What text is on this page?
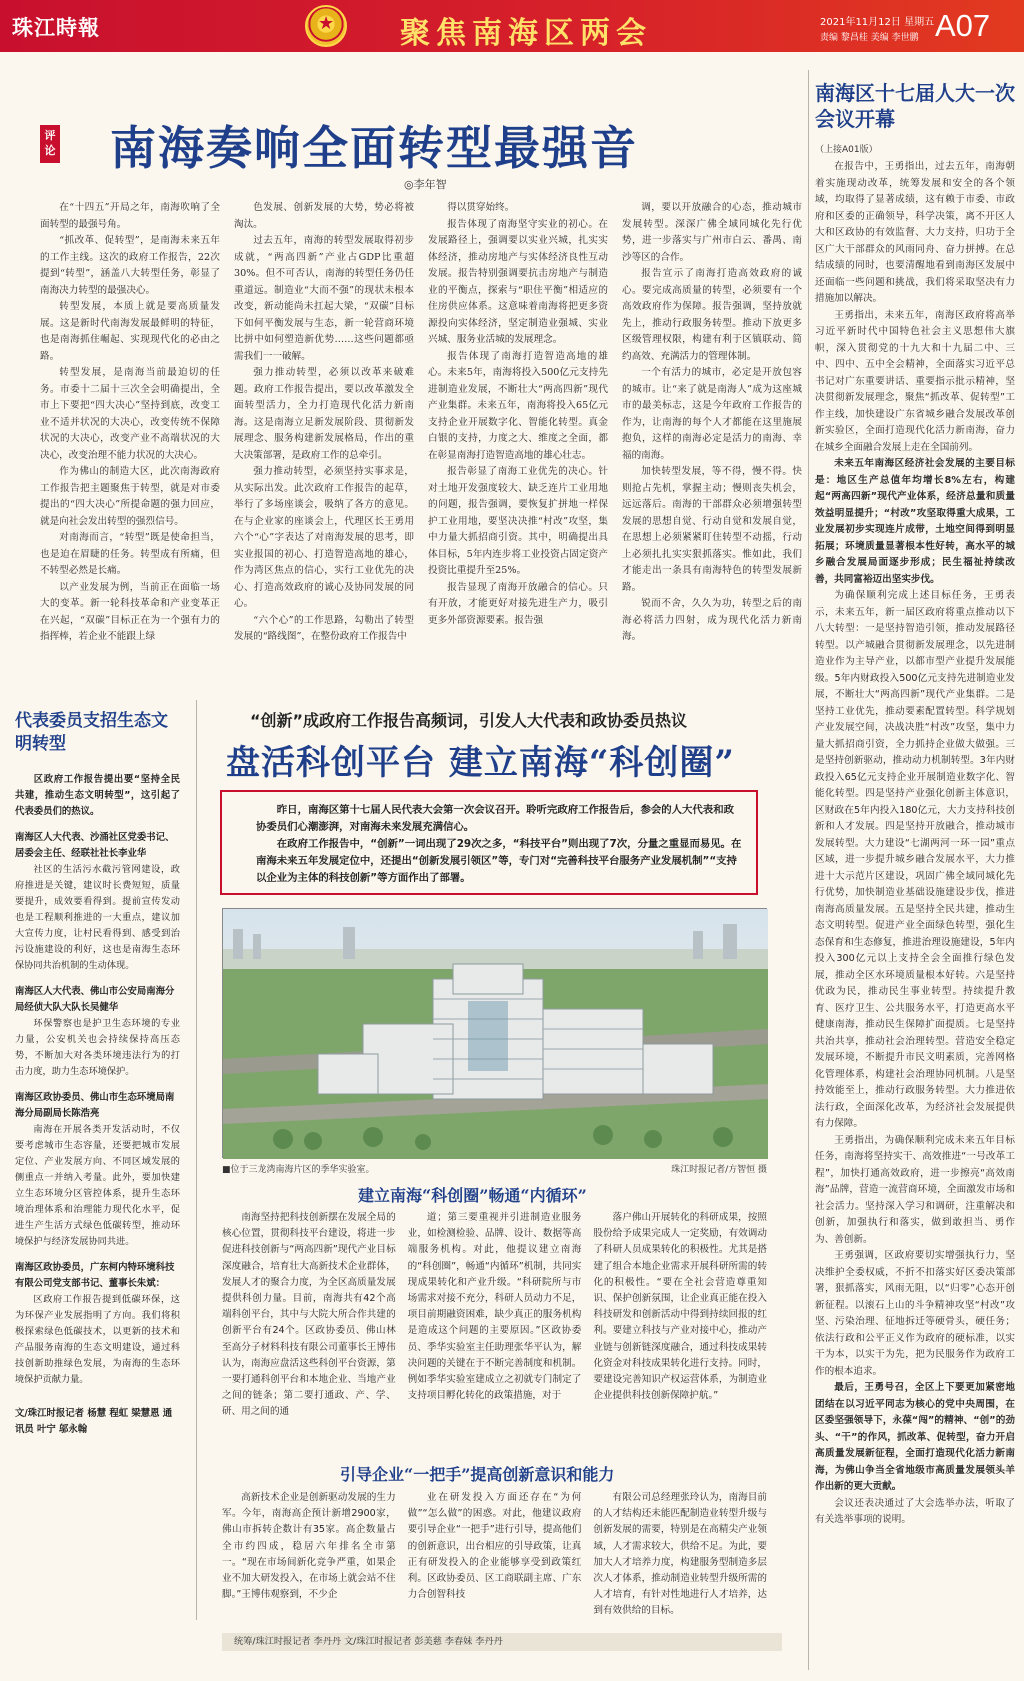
珠江時報
★	聚焦南海区两会	2021年11月12日 星期五
责编 黎昌桂 美编 李世鹏 A07
评论 南海奏响全面转型最强音
◎李年智

在“十四五”开局之年，南海吹响了全面转型的最强号角。

“抓改革、促转型”，是南海未来五年的工作主线。这次的政府工作报告，22次提到“转型”，涵盖八大转型任务，彰显了南海决力转型的最强决心。

转型发展，本质上就是要高质量发展。这是新时代南海发展最鲜明的特征，也是南海抓住崛起、实现现代化的必由之路。

转型发展，是南海当前最迫切的任务。市委十二届十三次全会明确提出，全市上下要把“四大决心”坚持到底，改变工业不适并状况的大决心，改变传统不保障状况的大决心，改变产业不高端状况的大决心，改变治理不能力状况的大决心。

作为佛山的制造大区，此次南海政府工作报告把主题聚焦于转型，就是对市委提出的“四大决心”所提命题的强力回应，就是向社会发出转型的强烈信号。

对南海而言，“转型”既是使命担当，也是迫在眉睫的任务。转型成有所痛，但不转型必然是长痛。

以产业发展为例，当前正在面临一场大的变革。新一轮科技革命和产业变革正在兴起，“双碳”目标正在为一个强有力的指挥棒，若企业不能跟上绿

色发展、创新发展的大势，势必将被淘汰。

过去五年，南海的转型发展取得初步成就，“两高四新”产业占GDP比重超30%。但不可否认，南海的转型任务仍任重道远。制造业“大而不强”的现状未根本改变，新动能尚未扛起大梁，“双碳”目标下如何平衡发展与生态，新一轮营商环境比拼中如何塑造新优势……这些问题都亟需我们一一破解。

强力推动转型，必须以改革来破难题。政府工作报告提出，要以改革激发全面转型活力，全力打造现代化活力新南海。这是南海立足新发展阶段、贯彻新发展理念、服务构建新发展格局，作出的重大决策部署，是政府工作的总牵引。

强力推动转型，必须坚持实事求是，从实际出发。此次政府工作报告的起草，举行了多场座谈会，吸纳了各方的意见。在与企业家的座谈会上，代理区长王勇用六个“心”字表达了对南海发展的思考，即实业报国的初心、打造智造高地的雄心，作为湾区焦点的信心，实行工业优先的决心、打造高效政府的诚心及协同发展的同心。

“六个心”的工作思路，勾勒出了转型发展的“路线图”，在整份政府工作报告中

得以贯穿始终。

报告体现了南海坚守实业的初心。在发展路径上，强调要以实业兴城，扎实实体经济，推动房地产与实体经济良性互动发展。报告特别强调要抗击房地产与制造业的平衡点，探索与“职住平衡”相适应的住房供应体系。这意味着南海将把更多资源投向实体经济，坚定制造业强城、实业兴城、服务业活城的发展理念。

报告体现了南海打造智造高地的雄心。未来5年，南海将投入500亿元支持先进制造业发展，不断壮大“两高四新”现代产业集群。未来五年，南海将投入65亿元支持企业开展数字化、智能化转型。真金白银的支持，力度之大、维度之全面，都在彰显南海打造智造高地的雄心壮志。

报告彰显了南海工业优先的决心。针对土地开发强度较大、缺乏连片工业用地的问题，报告强调，要恢复扩拼地一样保护工业用地，要坚决决推“村改”攻坚，集中力量大抓招商引资。其中，明确提出具体目标，5年内连步将工业投资占固定资产投资比重提升至25%。

报告显现了南海开放融合的信心。只有开放，才能更好对接先进生产力，吸引更多外部资源要素。报告强

调，要以开放融合的心态，推动城市发展转型。深深广佛全域同城化先行优势，进一步落实与广州市白云、番禺、南沙等区的合作。

报告宣示了南海打造高效政府的诚心。要完成高质量的转型，必须要有一个高效政府作为保障。报告强调，坚持放就先上，推动行政服务转型。推动下放更多区级管理权限，构建有利于区镇联动、简约高效、充满活力的管理体制。

一个有活力的城市，必定是开放包容的城市。让“来了就是南海人”成为这座城市的最美标志，这是今年政府工作报告的作为，让南海的每个人才都能在这里施展抱负，这样的南海必定是活力的南海、幸福的南海。

加快转型发展，等不得，慢不得。快则抢占先机，掌握主动；慢则丧失机会，远远落后。南海的干部群众必须增强转型发展的思想自觉、行动自觉和发展自觉，在思想上必须紧紧盯住转型不动摇，行动上必须扎扎实实狠抓落实。惟如此，我们才能走出一条具有南海特色的转型发展新路。

锐而不舍，久久为功，转型之后的南海必将活力四射，成为现代化活力新南海。

南海区十七届人大一次会议开幕
（上接A01版）

在报告中，王勇指出，过去五年，南海朝着实施现动改革，统筹发展和安全的各个领域，均取得了显著成绩，这有赖于市委、市政府和区委的正确领导，科学决策，离不开区人大和区政协的有效监督、大力支持，归功于全区广大干部群众的风雨同舟、奋力拼搏。在总结成绩的同时，也要清醒地看到南海区发展中还面临一些问题和挑战，我们将采取坚决有力措施加以解决。

王勇指出，未来五年，南海区政府将高举习近平新时代中国特色社会主义思想伟大旗帜，深入贯彻党的十九大和十九届二中、三中、四中、五中全会精神，全面落实习近平总书记对广东重要讲话、重要指示批示精神，坚决贯彻新发展理念，聚焦“抓改革、促转型”工作主线，加快建设广东省城乡融合发展改革创新实验区，全面打造现代化活力新南海，奋力在城乡全面融合发展上走在全国前列。

未来五年南海区经济社会发展的主要目标是：地区生产总值年均增长8%左右，构建起“两高四新”现代产业体系，经济总量和质量效益明显提升；“村改”攻坚取得重大成果，工业发展初步实现连片成带，土地空间得到明显拓展；环境质量显著根本性好转，高水平的城乡融合发展局面逐步形成；民生福祉持续改善，共同富裕迈出坚实步伐。

为确保顺利完成上述目标任务，王勇表示，未来五年，新一届区政府将重点推动以下八大转型：一是坚持智造引领，推动发展路径转型。以产城融合贯彻新发展理念，以先进制造业作为主导产业，以都市型产业提升发展能级。5年内财政投入500亿元支持先进制造业发展，不断壮大“两高四新”现代产业集群。二是坚持工业优先，推动要素配置转型。科学规划产业发展空间，决战决胜“村改”攻坚，集中力量大抓招商引资，全力抓持企业做大做强。三是坚持创新驱动，推动动力机制转型。3年内财政投入65亿元支持企业开展制造业数字化、智能化转型。四是坚持产业强化创新主体意识，区财政在5年内投入180亿元，大力支持科技创新和人才发展。四是坚持开放融合，推动城市发展转型。大力建设“七湖两河一环一园”重点区域，进一步提升城乡融合发展水平，大力推进十大示范片区建设，巩固广佛全域同城化先行优势，加快制造业基础设施建设步伐，推进南海高质量发展。五是坚持全民共建，推动生态文明转型。促进产业全面绿色转型，强化生态保育和生态修复，推进治理设施建设，5年内投入300亿元以上支持全会全面推行绿色发展，推动全区水环境质量根本好转。六是坚持优政为民，推动民生事业转型。持续提升教育、医疗卫生、公共服务水平，打造更高水平健康南海，推动民生保障扩面提质。七是坚持共治共享，推动社会治理转型。营造安全稳定发展环境，不断提升市民文明素质，完善网格化管理体系，构建社会治理协同机制。八是坚持效能至上，推动行政服务转型。大力推进依法行政，全面深化改革，为经济社会发展提供有力保障。

王勇指出，为确保顺利完成未来五年目标任务，南海将坚持实干、高效推进“一号改革工程”，加快打通高效政府，进一步擦亮“高效南海”品牌，营造一流营商环境，全面激发市场和社会活力。坚持深入学习和调研，注重解决和创新，加强执行和落实，做到敢担当、勇作为、善创新。

王勇强调，区政府要切实增强执行力，坚决维护全委权威，不折不扣落实好区委决策部署，狠抓落实，风雨无阻，以“归零”心态开创新征程。以滚石上山的斗争精神攻坚“村改”攻坚、污染治理、征地拆迁等硬骨头，硬任务；依法行政和公平正义作为政府的硬标准，以实干为本，以实干为先，把为民服务作为政府工作的根本追求。

最后，王勇号召，全区上下要更加紧密地团结在以习近平同志为核心的党中央周围，在区委坚强领导下，永葆“闯”的精神、“创”的劲头、“干”的作风，抓改革、促转型，奋力开启高质量发展新征程，全面打造现代化活力新南海，为佛山争当全省地级市高质量发展领头羊作出新的更大贡献。

会议还表决通过了大会选举办法，听取了有关选举事项的说明。

代表委员支招生态文明转型
区政府工作报告提出要“坚持全民共建，推动生态文明转型”，这引起了代表委员们的热议。
南海区人大代表、沙涌社区党委书记、居委会主任、经联社社长李业华
社区的生活污水截污管网建设，政府推进是关键，建议时长费短短，质量要提升，成效要看得到。提前宣传发动也是工程顺利推进的一大重点，建议加大宣传力度，让村民看得到、感受到治污设施建设的利好，这也是南海生态环保协同共治机制的生动体现。
南海区人大代表、佛山市公安局南海分局经侦大队大队长吴健华
环保警察也是护卫生态环境的专业力量，公安机关也会持续保持高压态势，不断加大对各类环境违法行为的打击力度，助力生态环境保护。
南海区政协委员、佛山市生态环境局南海分局副局长陈浩亮
南海在开展各类开发活动时，不仅要考虑城市生态容量，还要把城市发展定位、产业发展方向、不同区域发展的侧重点一并纳入考量。此外，要加快建立生态环境分区管控体系，提升生态环境治理体系和治理能力现代化水平，促进生产生活方式绿色低碳转型，推动环境保护与经济发展协同共进。
南海区政协委员，广东柯内特环境科技有限公司党支部书记、董事长朱斌：
区政府工作报告提到低碳环保，这为环保产业发展指明了方向。我们将积极探索绿色低碳技术，以更新的技术和产品服务南海的生态文明建设，通过科技创新助推绿色发展，为南海的生态环境保护贡献力量。
文/珠江时报记者 杨慧 程虹 梁慧恩 通讯员 叶宁 邬永翰
“创新”成政府工作报告高频词，引发人大代表和政协委员热议
盘活科创平台 建立南海“科创圈”

昨日，南海区第十七届人民代表大会第一次会议召开。聆听完政府工作报告后，参会的人大代表和政协委员们心潮澎湃，对南海未来发展充满信心。

在政府工作报告中，“创新”一词出现了29次之多，“科技平台”则出现了7次，分量之重显而易见。在南海未来五年发展定位中，还提出“创新发展引领区”等，专门对“完善科技平台服务产业发展机制”“支持以企业为主体的科技创新”等方面作出了部署。

■位于三龙湾南海片区的季华实验室。	珠江时报记者/方智恒 摄
建立南海“科创圈”畅通“内循环”

南海坚持把科技创新摆在发展全局的核心位置，贯彻科技平台建设，将进一步促进科技创新与“两高四新”现代产业目标深度融合，培育壮大高新技术企业群体，发展人才的聚合力度，为全区高质量发展提供科创力量。目前，南海共有42个高端科创平台，其中与大院大所合作共建的创新平台有24个。区政协委员、佛山林至高分子材料科技有限公司董事长王博伟认为，南海应盘活这些科创平台资源，第一要打通科创平台和本地企业、当地产业之间的链条；第二要打通政、产、学、研、用之间的通

道；第三要重视并引进制造业服务业，如检测检验、品牌、设计、数据等高端服务机构。对此，他提议建立南海的“科创圈”，畅通“内循环”机制，共同实现成果转化和产业升级。“科研院所与市场需求对接不充分，科研人员动力不足，项目前期融资困难，缺少真正的服务机构是造成这个问题的主要原因。”区政协委员、季华实验室主任助理张华平认为，解决问题的关键在于不断完善制度和机制。例如季华实验室建成立之初就专门制定了支持项目孵化转化的政策措施，对于

落户佛山开展转化的科研成果，按照股份给予成果完成人一定奖励，有效调动了科研人员成果转化的积极性。尤其是搭建了组合本地企业需求开展科研所需的转化的积极性。“要在全社会营造尊重知识、保护创新氛围，让企业真正能在投入科技研发和创新活动中得到持续回报的红利。要建立科技与产业对接中心，推动产业链与创新链深度融合，通过科技成果转化资金对科技成果转化进行支持。同时，要建设完善知识产权运营体系，为制造业企业提供科技创新保障护航。”

引导企业“一把手”提高创新意识和能力

高新技术企业是创新驱动发展的生力军。今年，南海高企预计新增2900家，佛山市拆转企数计有35家。高企数量占全市约四成，稳居六年排名全市第一。“现在市场间新化竞争严重，如果企业不加大研发投入，在市场上就会站不住脚。”王博伟观察到，不少企

业在研发投入方面还存在“为何做”“怎么做”的困惑。对此，他建议政府要引导企业“一把手”进行引导，提高他们的创新意识，出台相应的引导政策，让真正有研发投入的企业能够享受到政策红利。区政协委员、区工商联副主席、广东力合创智科技

有限公司总经理张玲认为，南海目前的人才结构还未能匹配制造业转型升级与创新发展的需要，特别是在高精尖产业领域，人才需求较大，供给不足。为此，要加大人才培养力度，构建服务型制造多层次人才体系，推动制造业转型升级所需的人才培育，有针对性地进行人才培养，达到有效供给的目标。

统筹/珠江时报记者 李丹丹 文/珠江时报记者 彭美慈 李春妹 李丹丹
